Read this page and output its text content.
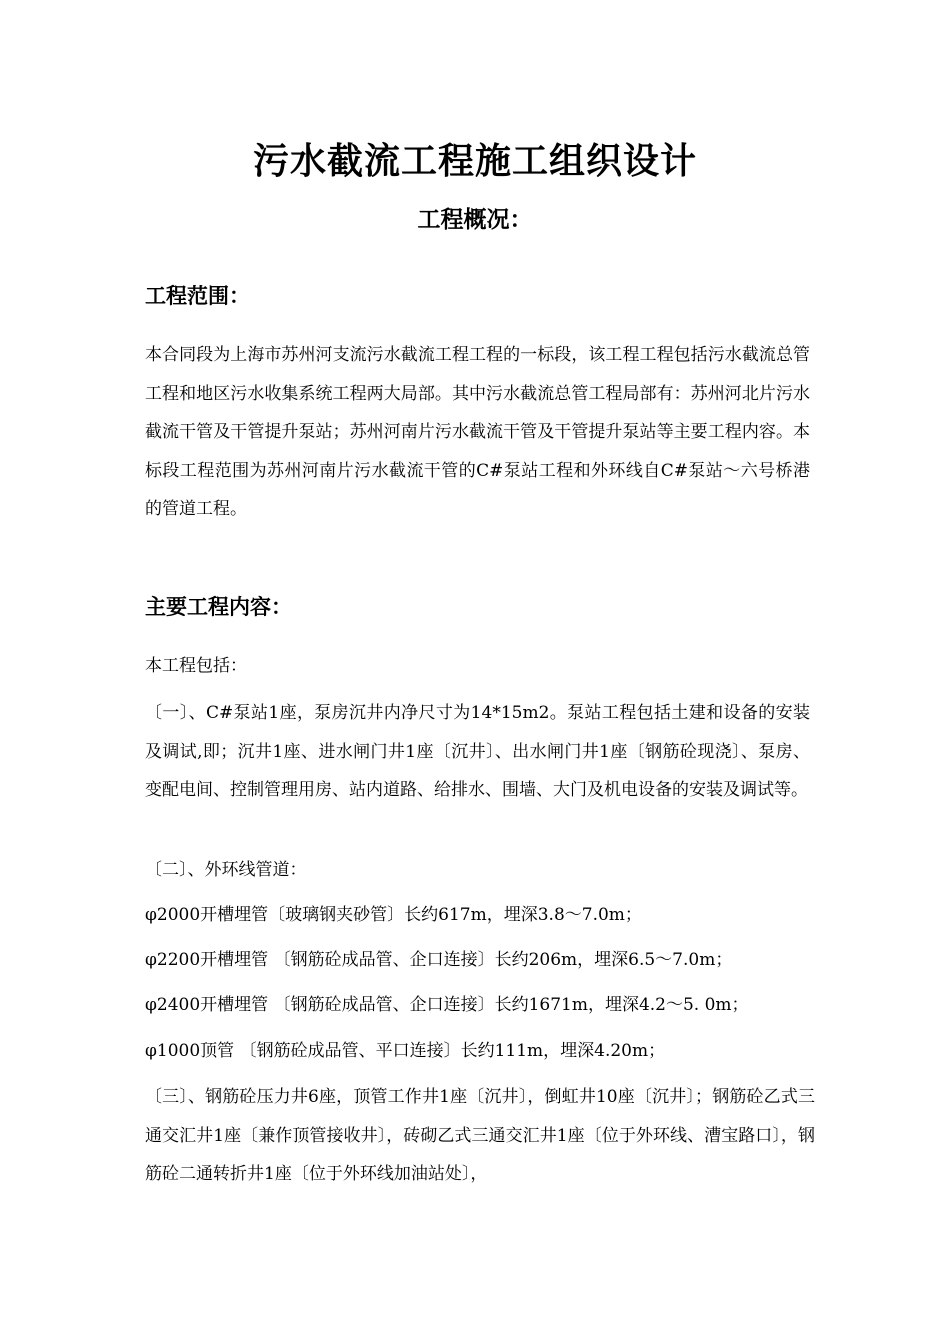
污水截流工程施工组织设计
工程概况：
工程范围：
本合同段为上海市苏州河支流污水截流工程工程的一标段，该工程工程包括污水截流总管工程和地区污水收集系统工程两大局部。其中污水截流总管工程局部有：苏州河北片污水截流干管及干管提升泵站；苏州河南片污水截流干管及干管提升泵站等主要工程内容。本标段工程范围为苏州河南片污水截流干管的C#泵站工程和外环线自C#泵站～六号桥港的管道工程。
主要工程内容：
本工程包括：
〔一〕、C#泵站1座，泵房沉井内净尺寸为14*15m2。泵站工程包括土建和设备的安装及调试,即；沉井1座、进水闸门井1座〔沉井〕、出水闸门井1座〔钢筋砼现浇〕、泵房、变配电间、控制管理用房、站内道路、给排水、围墙、大门及机电设备的安装及调试等。
〔二〕、外环线管道：
φ2000开槽埋管〔玻璃钢夹砂管〕长约617m，埋深3.8～7.0m；
φ2200开槽埋管 〔钢筋砼成品管、企口连接〕长约206m，埋深6.5～7.0m；
φ2400开槽埋管 〔钢筋砼成品管、企口连接〕长约1671m，埋深4.2～5. 0m；
φ1000顶管 〔钢筋砼成品管、平口连接〕长约111m，埋深4.20m；
〔三〕、钢筋砼压力井6座，顶管工作井1座〔沉井〕，倒虹井10座〔沉井〕；钢筋砼乙式三通交汇井1座〔兼作顶管接收井〕，砖砌乙式三通交汇井1座〔位于外环线、漕宝路口〕，钢筋砼二通转折井1座〔位于外环线加油站处〕，
